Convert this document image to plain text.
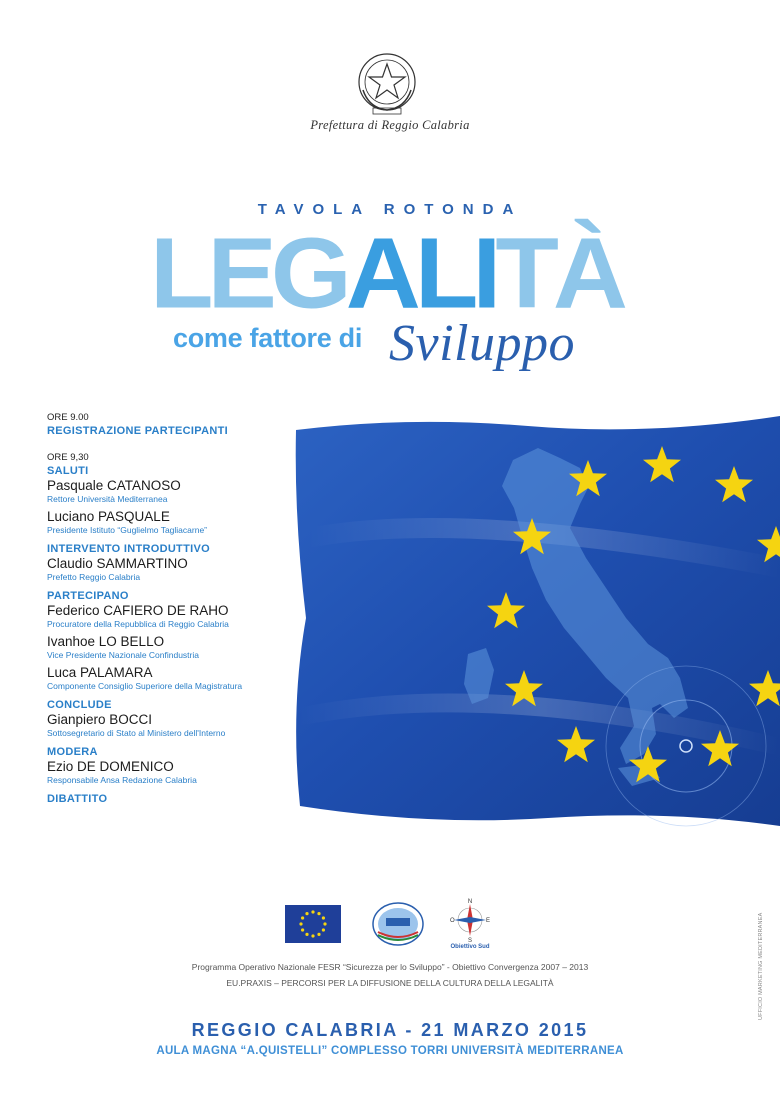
Prefettura di Reggio Calabria
TAVOLA ROTONDA
LEGALITÀ
come fattore di Sviluppo

ORE 9.00

REGISTRAZIONE PARTECIPANTI

ORE 9,30

SALUTI

Pasquale CATANOSO

Rettore Università Mediterranea

Luciano PASQUALE

Presidente Istituto “Guglielmo Tagliacarne”

INTERVENTO INTRODUTTIVO

Claudio SAMMARTINO

Prefetto Reggio Calabria

PARTECIPANO

Federico CAFIERO DE RAHO

Procuratore della Repubblica di Reggio Calabria

Ivanhoe LO BELLO

Vice Presidente Nazionale Confindustria

Luca PALAMARA

Componente Consiglio Superiore della Magistratura

CONCLUDE

Gianpiero BOCCI

Sottosegretario di Stato al Ministero dell'Interno

MODERA

Ezio DE DOMENICO

Responsabile Ansa Redazione Calabria

DIBATTITO

N
S
O	E
Obiettivo Sud	UFFICIO MARKETING MEDITERRANEA
Programma Operativo Nazionale FESR “Sicurezza per lo Sviluppo” - Obiettivo Convergenza 2007 – 2013
EU.PRAXIS – PERCORSI PER LA DIFFUSIONE DELLA CULTURA DELLA LEGALITÀ
REGGIO CALABRIA - 21 MARZO 2015
AULA MAGNA “A.QUISTELLI” COMPLESSO TORRI UNIVERSITÀ MEDITERRANEA
